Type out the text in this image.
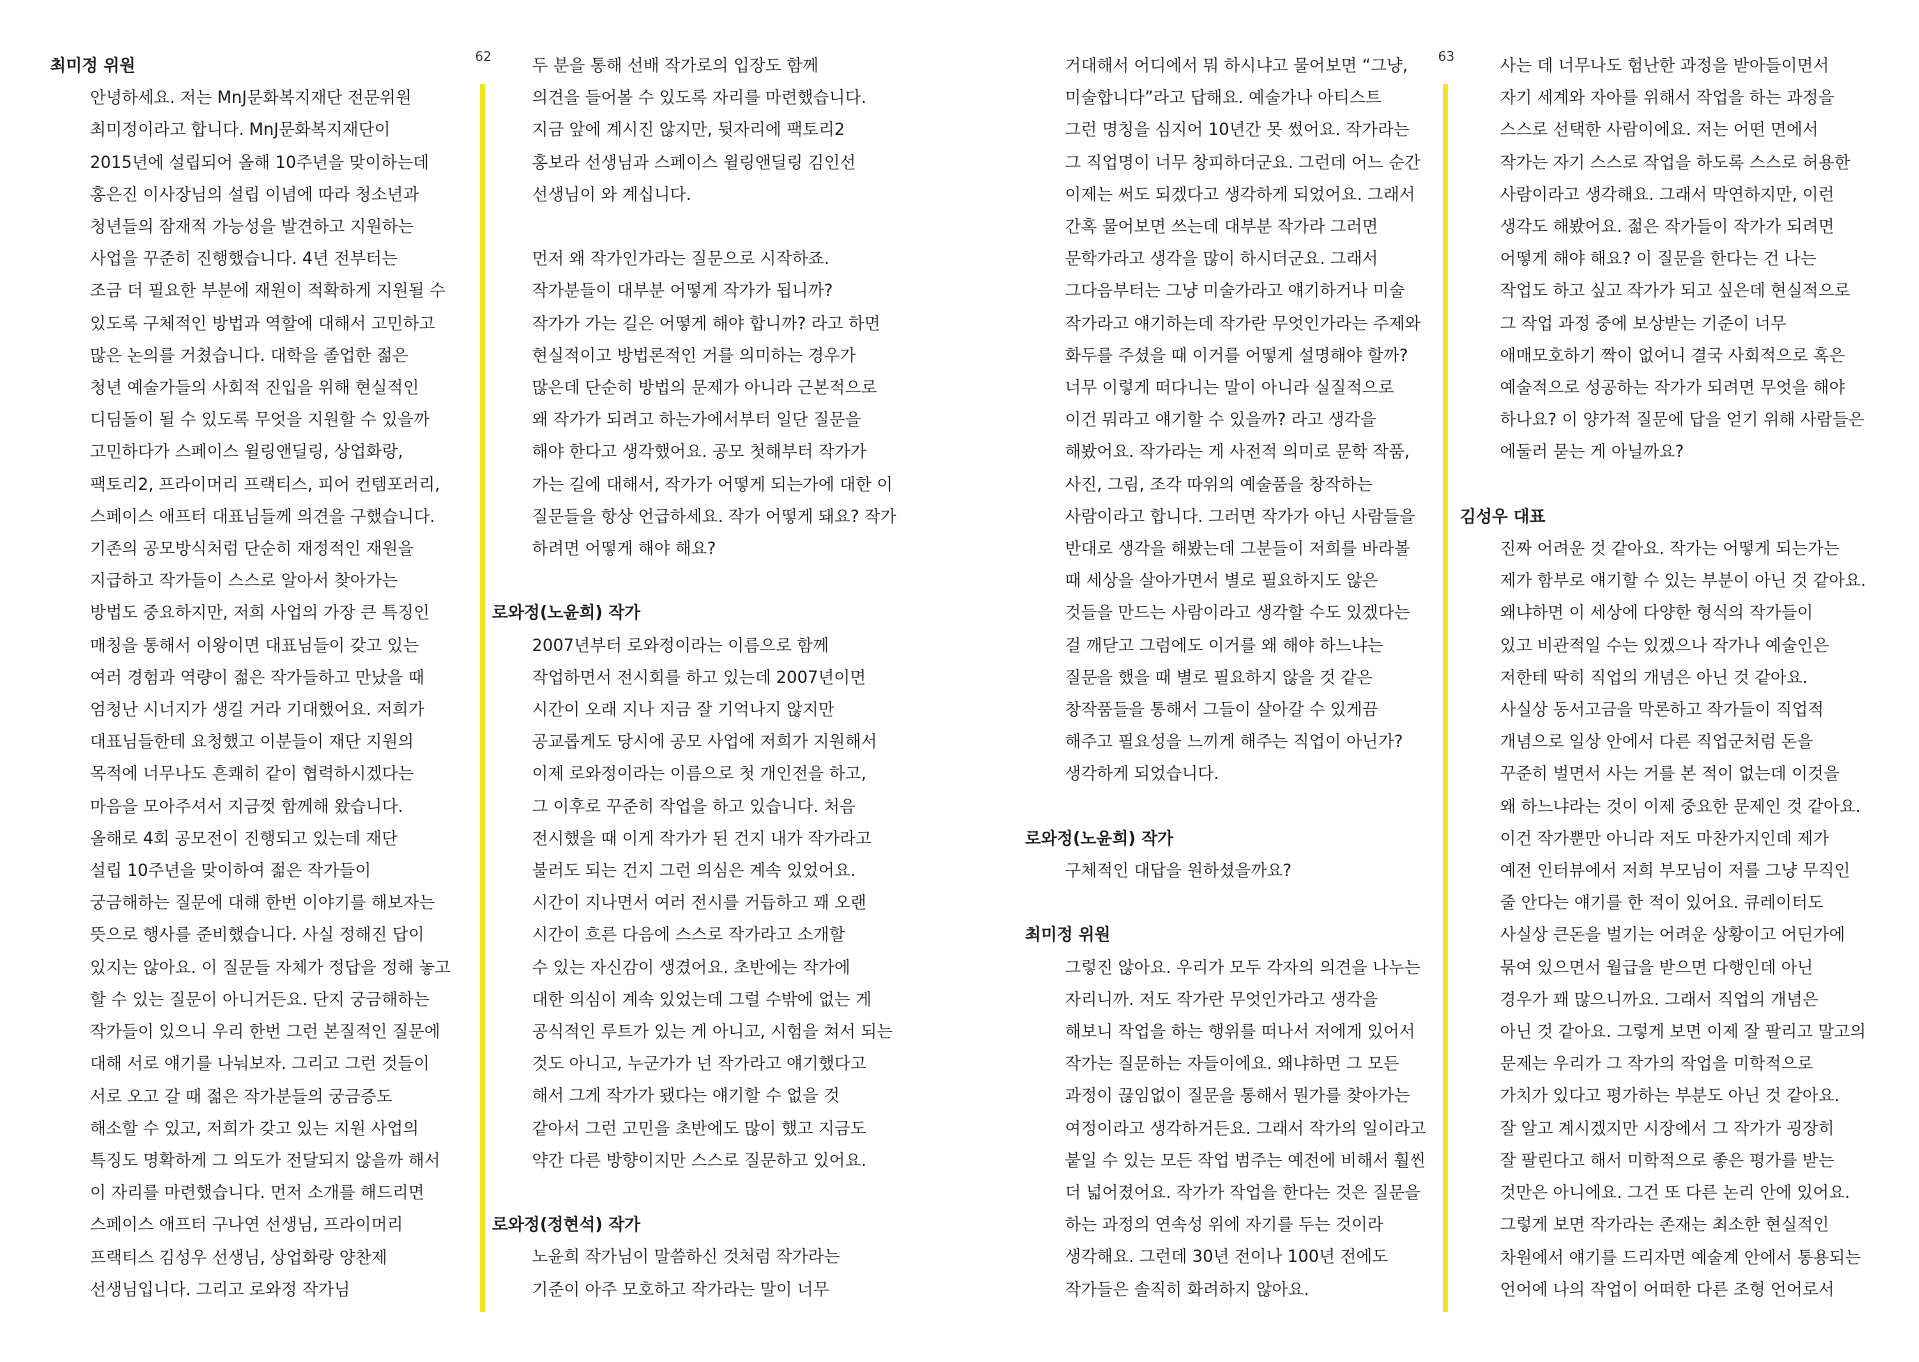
최미정 위원

안녕하세요. 저는 MnJ문화복지재단 전문위원

최미정이라고 합니다. MnJ문화복지재단이

2015년에 설립되어 올해 10주년을 맞이하는데

홍은진 이사장님의 설립 이념에 따라 청소년과

청년들의 잠재적 가능성을 발견하고 지원하는

사업을 꾸준히 진행했습니다. 4년 전부터는

조금 더 필요한 부분에 재원이 적확하게 지원될 수

있도록 구체적인 방법과 역할에 대해서 고민하고

많은 논의를 거쳤습니다. 대학을 졸업한 젊은

청년 예술가들의 사회적 진입을 위해 현실적인

디딤돌이 될 수 있도록 무엇을 지원할 수 있을까

고민하다가 스페이스 윌링앤딜링, 상업화랑,

팩토리2, 프라이머리 프랙티스, 피어 컨템포러리,

스페이스 애프터 대표님들께 의견을 구했습니다.

기존의 공모방식처럼 단순히 재정적인 재원을

지급하고 작가들이 스스로 알아서 찾아가는

방법도 중요하지만, 저희 사업의 가장 큰 특징인

매칭을 통해서 이왕이면 대표님들이 갖고 있는

여러 경험과 역량이 젊은 작가들하고 만났을 때

엄청난 시너지가 생길 거라 기대했어요. 저희가

대표님들한테 요청했고 이분들이 재단 지원의

목적에 너무나도 흔쾌히 같이 협력하시겠다는

마음을 모아주셔서 지금껏 함께해 왔습니다.

올해로 4회 공모전이 진행되고 있는데 재단

설립 10주년을 맞이하여 젊은 작가들이

궁금해하는 질문에 대해 한번 이야기를 해보자는

뜻으로 행사를 준비했습니다. 사실 정해진 답이

있지는 않아요. 이 질문들 자체가 정답을 정해 놓고

할 수 있는 질문이 아니거든요. 단지 궁금해하는

작가들이 있으니 우리 한번 그런 본질적인 질문에

대해 서로 얘기를 나눠보자. 그리고 그런 것들이

서로 오고 갈 때 젊은 작가분들의 궁금증도

해소할 수 있고, 저희가 갖고 있는 지원 사업의

특징도 명확하게 그 의도가 전달되지 않을까 해서

이 자리를 마련했습니다. 먼저 소개를 해드리면

스페이스 애프터 구나연 선생님, 프라이머리

프랙티스 김성우 선생님, 상업화랑 양찬제

선생님입니다. 그리고 로와정 작가님

62	두 분을 통해 선배 작가로의 입장도 함께

의견을 들어볼 수 있도록 자리를 마련했습니다.

지금 앞에 계시진 않지만, 뒷자리에 팩토리2

홍보라 선생님과 스페이스 윌링앤딜링 김인선

선생님이 와 계십니다.

먼저 왜 작가인가라는 질문으로 시작하죠.

작가분들이 대부분 어떻게 작가가 됩니까?

작가가 가는 길은 어떻게 해야 합니까? 라고 하면

현실적이고 방법론적인 거를 의미하는 경우가

많은데 단순히 방법의 문제가 아니라 근본적으로

왜 작가가 되려고 하는가에서부터 일단 질문을

해야 한다고 생각했어요. 공모 첫해부터 작가가

가는 길에 대해서, 작가가 어떻게 되는가에 대한 이

질문들을 항상 언급하세요. 작가 어떻게 돼요? 작가

하려면 어떻게 해야 해요?

로와정(노윤희) 작가

2007년부터 로와정이라는 이름으로 함께

작업하면서 전시회를 하고 있는데 2007년이면

시간이 오래 지나 지금 잘 기억나지 않지만

공교롭게도 당시에 공모 사업에 저희가 지원해서

이제 로와정이라는 이름으로 첫 개인전을 하고,

그 이후로 꾸준히 작업을 하고 있습니다. 처음

전시했을 때 이게 작가가 된 건지 내가 작가라고

불러도 되는 건지 그런 의심은 계속 있었어요.

시간이 지나면서 여러 전시를 거듭하고 꽤 오랜

시간이 흐른 다음에 스스로 작가라고 소개할

수 있는 자신감이 생겼어요. 초반에는 작가에

대한 의심이 계속 있었는데 그럴 수밖에 없는 게

공식적인 루트가 있는 게 아니고, 시험을 쳐서 되는

것도 아니고, 누군가가 넌 작가라고 얘기했다고

해서 그게 작가가 됐다는 얘기할 수 없을 것

같아서 그런 고민을 초반에도 많이 했고 지금도

약간 다른 방향이지만 스스로 질문하고 있어요.

로와정(정현석) 작가

노윤희 작가님이 말씀하신 것처럼 작가라는

기준이 아주 모호하고 작가라는 말이 너무

거대해서 어디에서 뭐 하시냐고 물어보면 “그냥,

미술합니다”라고 답해요. 예술가나 아티스트

그런 명칭을 심지어 10년간 못 썼어요. 작가라는

그 직업명이 너무 창피하더군요. 그런데 어느 순간

이제는 써도 되겠다고 생각하게 되었어요. 그래서

간혹 물어보면 쓰는데 대부분 작가라 그러면

문학가라고 생각을 많이 하시더군요. 그래서

그다음부터는 그냥 미술가라고 얘기하거나 미술

작가라고 얘기하는데 작가란 무엇인가라는 주제와

화두를 주셨을 때 이거를 어떻게 설명해야 할까?

너무 이렇게 떠다니는 말이 아니라 실질적으로

이건 뭐라고 얘기할 수 있을까? 라고 생각을

해봤어요. 작가라는 게 사전적 의미로 문학 작품,

사진, 그림, 조각 따위의 예술품을 창작하는

사람이라고 합니다. 그러면 작가가 아닌 사람들을

반대로 생각을 해봤는데 그분들이 저희를 바라볼

때 세상을 살아가면서 별로 필요하지도 않은

것들을 만드는 사람이라고 생각할 수도 있겠다는

걸 깨닫고 그럼에도 이거를 왜 해야 하느냐는

질문을 했을 때 별로 필요하지 않을 것 같은

창작품들을 통해서 그들이 살아갈 수 있게끔

해주고 필요성을 느끼게 해주는 직업이 아닌가?

생각하게 되었습니다.

로와정(노윤희) 작가

구체적인 대답을 원하셨을까요?

최미정 위원

그렇진 않아요. 우리가 모두 각자의 의견을 나누는

자리니까. 저도 작가란 무엇인가라고 생각을

해보니 작업을 하는 행위를 떠나서 저에게 있어서

작가는 질문하는 자들이에요. 왜냐하면 그 모든

과정이 끊임없이 질문을 통해서 뭔가를 찾아가는

여정이라고 생각하거든요. 그래서 작가의 일이라고

붙일 수 있는 모든 작업 범주는 예전에 비해서 훨씬

더 넓어졌어요. 작가가 작업을 한다는 것은 질문을

하는 과정의 연속성 위에 자기를 두는 것이라

생각해요. 그런데 30년 전이나 100년 전에도

작가들은 솔직히 화려하지 않아요.

63	사는 데 너무나도 험난한 과정을 받아들이면서

자기 세계와 자아를 위해서 작업을 하는 과정을

스스로 선택한 사람이에요. 저는 어떤 면에서

작가는 자기 스스로 작업을 하도록 스스로 허용한

사람이라고 생각해요. 그래서 막연하지만, 이런

생각도 해봤어요. 젊은 작가들이 작가가 되려면

어떻게 해야 해요? 이 질문을 한다는 건 나는

작업도 하고 싶고 작가가 되고 싶은데 현실적으로

그 작업 과정 중에 보상받는 기준이 너무

애매모호하기 짝이 없어니 결국 사회적으로 혹은

예술적으로 성공하는 작가가 되려면 무엇을 해야

하나요? 이 양가적 질문에 답을 얻기 위해 사람들은

에둘러 묻는 게 아닐까요?

김성우 대표

진짜 어려운 것 같아요. 작가는 어떻게 되는가는

제가 함부로 얘기할 수 있는 부분이 아닌 것 같아요.

왜냐하면 이 세상에 다양한 형식의 작가들이

있고 비관적일 수는 있겠으나 작가나 예술인은

저한테 딱히 직업의 개념은 아닌 것 같아요.

사실상 동서고금을 막론하고 작가들이 직업적

개념으로 일상 안에서 다른 직업군처럼 돈을

꾸준히 벌면서 사는 거를 본 적이 없는데 이것을

왜 하느냐라는 것이 이제 중요한 문제인 것 같아요.

이건 작가뿐만 아니라 저도 마찬가지인데 제가

예전 인터뷰에서 저희 부모님이 저를 그냥 무직인

줄 안다는 얘기를 한 적이 있어요. 큐레이터도

사실상 큰돈을 벌기는 어려운 상황이고 어딘가에

묶여 있으면서 월급을 받으면 다행인데 아닌

경우가 꽤 많으니까요. 그래서 직업의 개념은

아닌 것 같아요. 그렇게 보면 이제 잘 팔리고 말고의

문제는 우리가 그 작가의 작업을 미학적으로

가치가 있다고 평가하는 부분도 아닌 것 같아요.

잘 알고 계시겠지만 시장에서 그 작가가 굉장히

잘 팔린다고 해서 미학적으로 좋은 평가를 받는

것만은 아니에요. 그건 또 다른 논리 안에 있어요.

그렇게 보면 작가라는 존재는 최소한 현실적인

차원에서 얘기를 드리자면 예술계 안에서 통용되는

언어에 나의 작업이 어떠한 다른 조형 언어로서
